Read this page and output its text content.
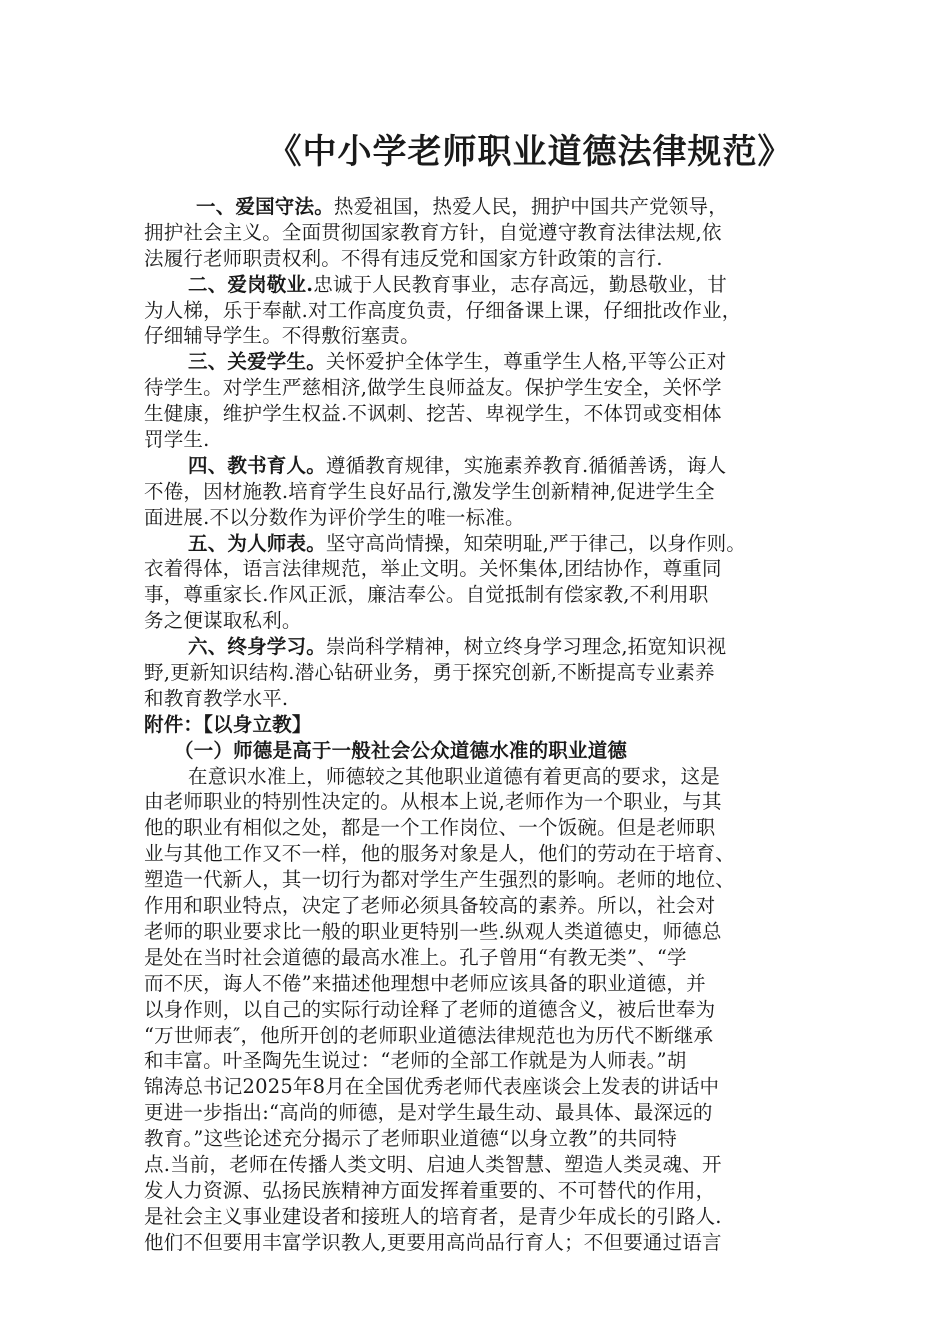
《中小学老师职业道德法律规范》
一、爱国守法。热爱祖国，热爱人民，拥护中国共产党领导，
拥护社会主义。全面贯彻国家教育方针，自觉遵守教育法律法规,依
法履行老师职责权利。不得有违反党和国家方针政策的言行.
二、爱岗敬业.忠诚于人民教育事业，志存高远，勤恳敬业，甘
为人梯，乐于奉献.对工作高度负责，仔细备课上课，仔细批改作业，
仔细辅导学生。不得敷衍塞责。
三、关爱学生。关怀爱护全体学生，尊重学生人格,平等公正对
待学生。对学生严慈相济,做学生良师益友。保护学生安全，关怀学
生健康，维护学生权益.不讽刺、挖苦、卑视学生，不体罚或变相体
罚学生.
四、教书育人。遵循教育规律，实施素养教育.循循善诱，诲人
不倦，因材施教.培育学生良好品行,激发学生创新精神,促进学生全
面进展.不以分数作为评价学生的唯一标准。
五、为人师表。坚守高尚情操，知荣明耻,严于律己，以身作则。
衣着得体，语言法律规范，举止文明。关怀集体,团结协作，尊重同
事，尊重家长.作风正派，廉洁奉公。自觉抵制有偿家教,不利用职
务之便谋取私利。
六、终身学习。崇尚科学精神，树立终身学习理念,拓宽知识视
野,更新知识结构.潜心钻研业务，勇于探究创新,不断提高专业素养
和教育教学水平.
附件：【以身立教】
（一）师德是高于一般社会公众道德水准的职业道德
在意识水准上，师德较之其他职业道德有着更高的要求，这是
由老师职业的特别性决定的。从根本上说,老师作为一个职业，与其
他的职业有相似之处，都是一个工作岗位、一个饭碗。但是老师职
业与其他工作又不一样，他的服务对象是人，他们的劳动在于培育、
塑造一代新人，其一切行为都对学生产生强烈的影响。老师的地位、
作用和职业特点，决定了老师必须具备较高的素养。所以，社会对
老师的职业要求比一般的职业更特别一些.纵观人类道德史，师德总
是处在当时社会道德的最高水准上。孔子曾用“有教无类”、“学
而不厌，诲人不倦”来描述他理想中老师应该具备的职业道德，并
以身作则，以自己的实际行动诠释了老师的道德含义，被后世奉为
“万世师表″，他所开创的老师职业道德法律规范也为历代不断继承
和丰富。叶圣陶先生说过：“老师的全部工作就是为人师表。”胡
锦涛总书记2025年8月在全国优秀老师代表座谈会上发表的讲话中
更进一步指出:“高尚的师德，是对学生最生动、最具体、最深远的
教育。”这些论述充分揭示了老师职业道德“以身立教”的共同特
点.当前，老师在传播人类文明、启迪人类智慧、塑造人类灵魂、开
发人力资源、弘扬民族精神方面发挥着重要的、不可替代的作用，
是社会主义事业建设者和接班人的培育者，是青少年成长的引路人.
他们不但要用丰富学识教人,更要用高尚品行育人；不但要通过语言
